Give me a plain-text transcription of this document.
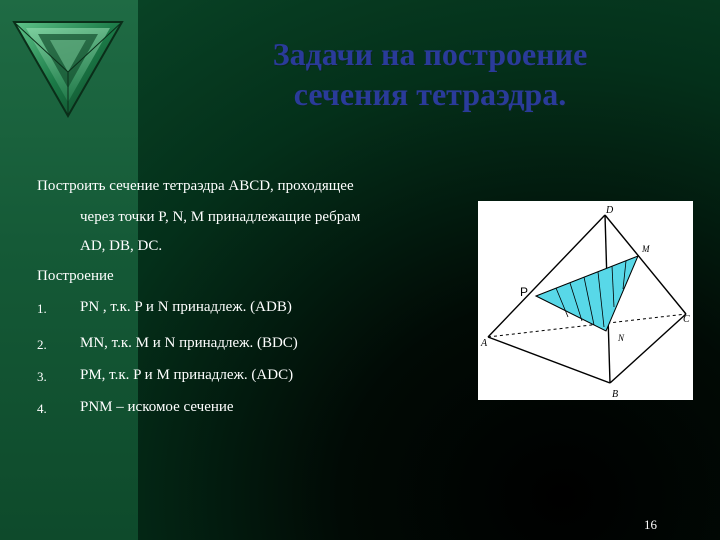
Задачи на построение
сечения тетраэдра.
Построить сечение тетраэдра ABCD, проходящее
через точки P, N, M принадлежащие ребрам
AD, DB, DC.
Построение
1. PN , т.к. P и N принадлеж. (ADB)
2. MN, т.к. M и N принадлеж. (BDC)
3. PM, т.к. P и M принадлеж. (ADC)
4. PNM – искомое сечение
D
M
P
C
A	N
B
16
